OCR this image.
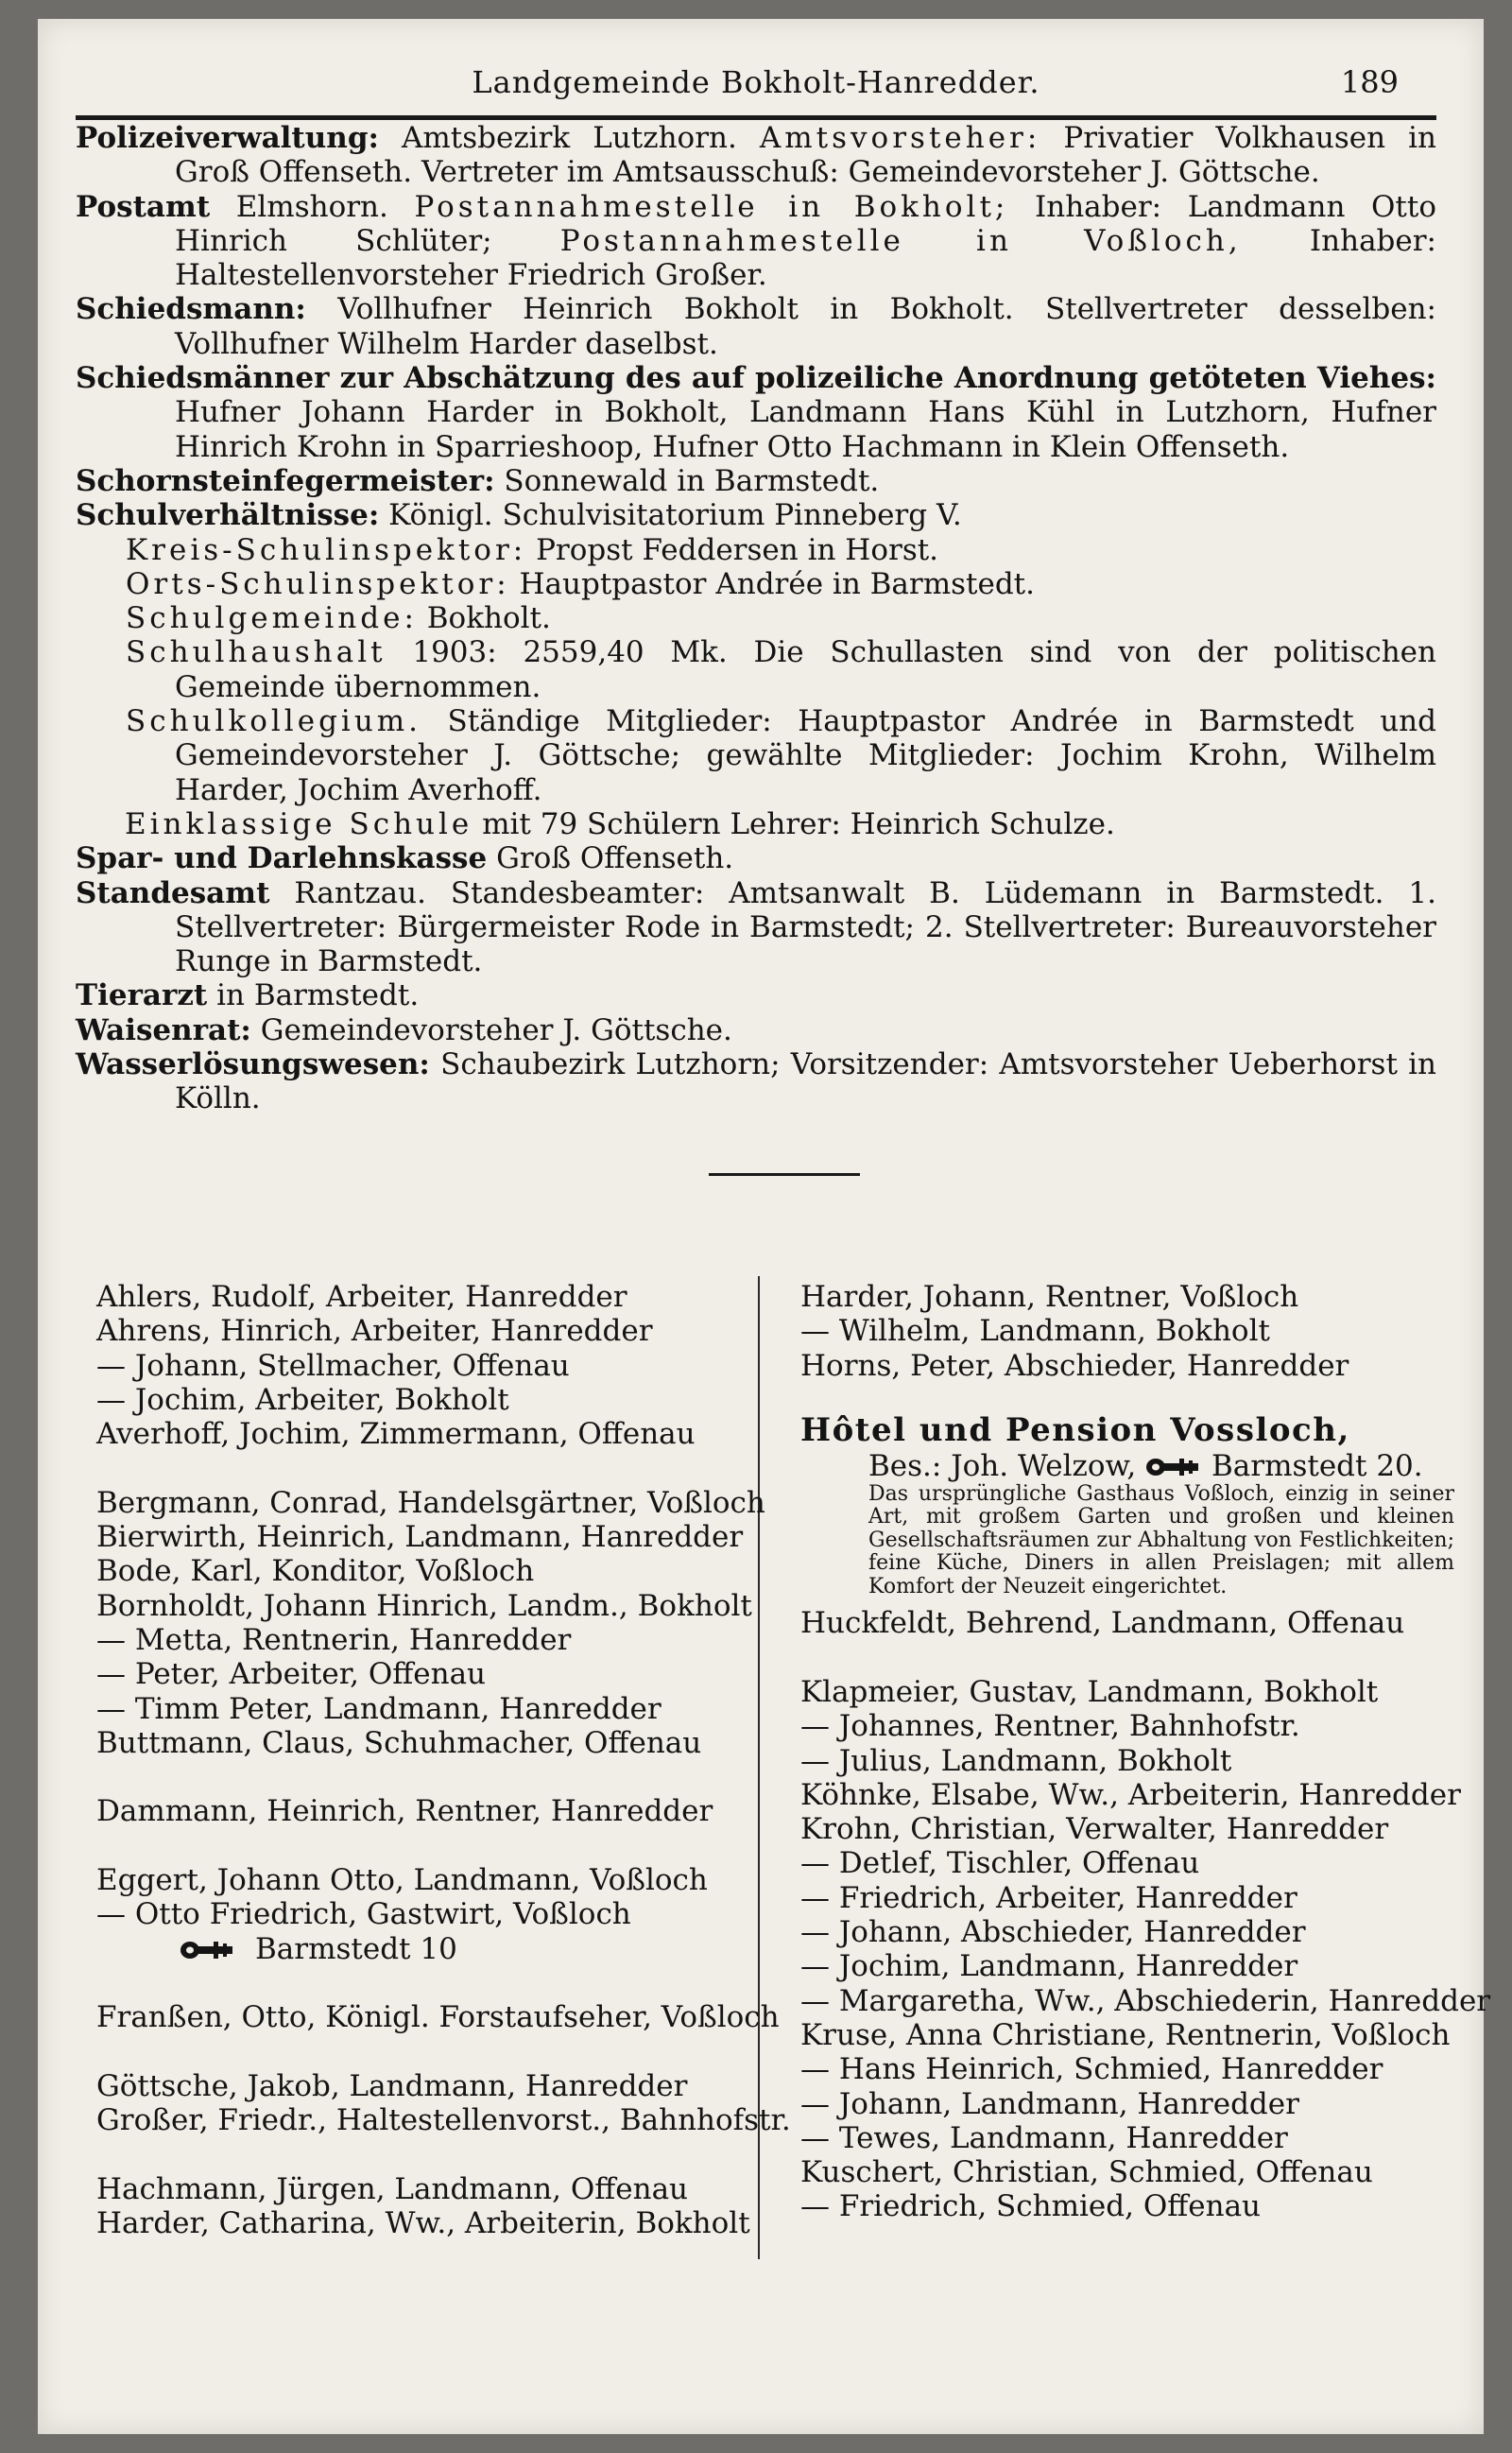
Landgemeinde Bokholt-Hanredder.	189

Polizeiverwaltung: Amtsbezirk Lutzhorn. Amtsvorsteher: Privatier Volkhausen in Groß Offenseth. Vertreter im Amtsausschuß: Gemeindevorsteher J. Göttsche.

Postamt Elmshorn. Postannahmestelle in Bokholt; Inhaber: Landmann Otto Hinrich Schlüter; Postannahmestelle in Voßloch, Inhaber: Haltestellenvorsteher Friedrich Großer.

Schiedsmann: Vollhufner Heinrich Bokholt in Bokholt. Stellvertreter desselben: Vollhufner Wilhelm Harder daselbst.

Schiedsmänner zur Abschätzung des auf polizeiliche Anordnung getöteten Viehes: Hufner Johann Harder in Bokholt, Landmann Hans Kühl in Lutzhorn, Hufner Hinrich Krohn in Sparrieshoop, Hufner Otto Hachmann in Klein Offenseth.

Schornsteinfegermeister: Sonnewald in Barmstedt.

Schulverhältnisse: Königl. Schulvisitatorium Pinneberg V.

Kreis-Schulinspektor: Propst Feddersen in Horst.

Orts-Schulinspektor: Hauptpastor Andrée in Barmstedt.

Schulgemeinde: Bokholt.

Schulhaushalt 1903: 2559,40 Mk. Die Schullasten sind von der politischen Gemeinde übernommen.

Schulkollegium. Ständige Mitglieder: Hauptpastor Andrée in Barmstedt und Gemeindevorsteher J. Göttsche; gewählte Mitglieder: Jochim Krohn, Wilhelm Harder, Jochim Averhoff.

Einklassige Schule mit 79 Schülern Lehrer: Heinrich Schulze.

Spar- und Darlehnskasse Groß Offenseth.

Standesamt Rantzau. Standesbeamter: Amtsanwalt B. Lüdemann in Barmstedt. 1. Stellvertreter: Bürgermeister Rode in Barmstedt; 2. Stellvertreter: Bureauvorsteher Runge in Barmstedt.

Tierarzt in Barmstedt.

Waisenrat: Gemeindevorsteher J. Göttsche.

Wasserlösungswesen: Schaubezirk Lutzhorn; Vorsitzender: Amtsvorsteher Ueberhorst in Kölln.

Ahlers, Rudolf, Arbeiter, Hanredder
Ahrens, Hinrich, Arbeiter, Hanredder
— Johann, Stellmacher, Offenau
— Jochim, Arbeiter, Bokholt
Averhoff, Jochim, Zimmermann, Offenau
Bergmann, Conrad, Handelsgärtner, Voßloch
Bierwirth, Heinrich, Landmann, Hanredder
Bode, Karl, Konditor, Voßloch
Bornholdt, Johann Hinrich, Landm., Bokholt
— Metta, Rentnerin, Hanredder
— Peter, Arbeiter, Offenau
— Timm Peter, Landmann, Hanredder
Buttmann, Claus, Schuhmacher, Offenau
Dammann, Heinrich, Rentner, Hanredder
Eggert, Johann Otto, Landmann, Voßloch
— Otto Friedrich, Gastwirt, Voßloch
Barmstedt 10
Franßen, Otto, Königl. Forstaufseher, Voßloch
Göttsche, Jakob, Landmann, Hanredder
Großer, Friedr., Haltestellenvorst., Bahnhofstr.
Hachmann, Jürgen, Landmann, Offenau
Harder, Catharina, Ww., Arbeiterin, Bokholt
Harder, Johann, Rentner, Voßloch
— Wilhelm, Landmann, Bokholt
Horns, Peter, Abschieder, Hanredder
Hôtel und Pension Vossloch,
Bes.: Joh. Welzow,	Barmstedt 20.
Das ursprüngliche Gasthaus Voßloch, einzig in seiner Art, mit großem Garten und großen und kleinen Gesellschaftsräumen zur Abhaltung von Festlichkeiten; feine Küche, Diners in allen Preislagen; mit allem Komfort der Neuzeit eingerichtet.
Huckfeldt, Behrend, Landmann, Offenau
Klapmeier, Gustav, Landmann, Bokholt
— Johannes, Rentner, Bahnhofstr.
— Julius, Landmann, Bokholt
Köhnke, Elsabe, Ww., Arbeiterin, Hanredder
Krohn, Christian, Verwalter, Hanredder
— Detlef, Tischler, Offenau
— Friedrich, Arbeiter, Hanredder
— Johann, Abschieder, Hanredder
— Jochim, Landmann, Hanredder
— Margaretha, Ww., Abschiederin, Hanredder
Kruse, Anna Christiane, Rentnerin, Voßloch
— Hans Heinrich, Schmied, Hanredder
— Johann, Landmann, Hanredder
— Tewes, Landmann, Hanredder
Kuschert, Christian, Schmied, Offenau
— Friedrich, Schmied, Offenau
